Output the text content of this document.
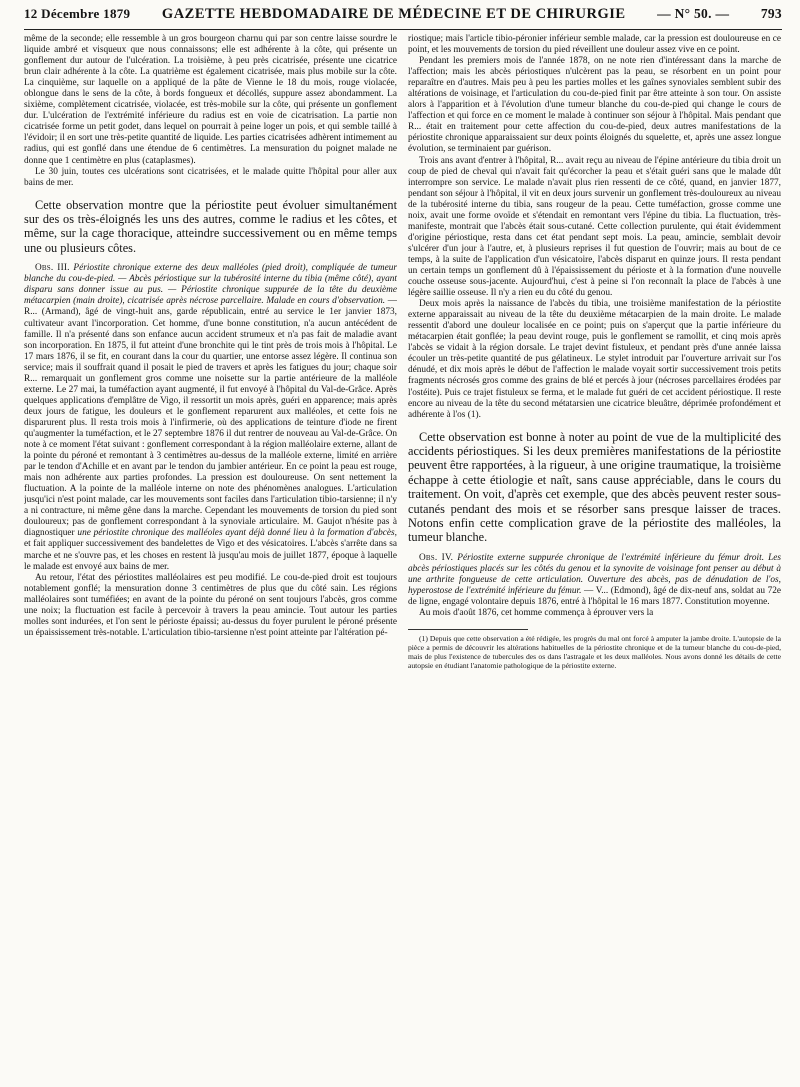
12 Décembre 1879 GAZETTE HEBDOMADAIRE DE MÉDECINE ET DE CHIRURGIE — N° 50. — 793

même de la seconde; elle ressemble à un gros bourgeon charnu qui par son centre laisse sourdre le liquide ambré et visqueux que nous connaissons; elle est adhérente à la côte, qui présente un gonflement dur autour de l'ulcération. La troisième, à peu près cicatrisée, présente une cicatrice brun clair adhérente à la côte. La quatrième est également cicatrisée, mais plus mobile sur la côte. La cinquième, sur laquelle on a appliqué de la pâte de Vienne le 18 du mois, rouge violacée, oblongue dans le sens de la côte, à bords fongueux et décollés, suppure assez abondamment. La sixième, complètement cicatrisée, violacée, est très-mobile sur la côte, qui présente un gonflement dur. L'ulcération de l'extrémité inférieure du radius est en voie de cicatrisation. La partie non cicatrisée forme un petit godet, dans lequel on pourrait à peine loger un pois, et qui semble taillé à l'évidoir; il en sort une très-petite quantité de liquide. Les parties cicatrisées adhèrent intimement au radius, qui est gonflé dans une étendue de 6 centimètres. La mensuration du poignet malade ne donne que 1 centimètre en plus (cataplasmes).

Le 30 juin, toutes ces ulcérations sont cicatrisées, et le malade quitte l'hôpital pour aller aux bains de mer.

Cette observation montre que la périostite peut évoluer simultanément sur des os très-éloignés les uns des autres, comme le radius et les côtes, et même, sur la cage thoracique, atteindre successivement ou en même temps une ou plusieurs côtes.

Obs. III. Périostite chronique externe des deux malléoles (pied droit), compliquée de tumeur blanche du cou-de-pied. — Abcès périostique sur la tubérosité interne du tibia (même côté), ayant disparu sans donner issue au pus. — Périostite chronique suppurée de la tête du deuxième métacarpien (main droite), cicatrisée après nécrose parcellaire. Malade en cours d'observation. — R... (Armand), âgé de vingt-huit ans, garde républicain, entré au service le 1er janvier 1873, cultivateur avant l'incorporation. Cet homme, d'une bonne constitution, n'a aucun antécédent de famille. Il n'a présenté dans son enfance aucun accident strumeux et n'a pas fait de maladie avant son incorporation. En 1875, il fut atteint d'une bronchite qui le tint près de trois mois à l'hôpital. Le 17 mars 1876, il se fit, en courant dans la cour du quartier, une entorse assez légère. Il continua son service; mais il souffrait quand il posait le pied de travers et après les fatigues du jour; chaque soir R... remarquait un gonflement gros comme une noisette sur la partie antérieure de la malléole externe. Le 27 mai, la tuméfaction ayant augmenté, il fut envoyé à l'hôpital du Val-de-Grâce. Après quelques applications d'emplâtre de Vigo, il ressortit un mois après, guéri en apparence; mais après deux jours de fatigue, les douleurs et le gonflement reparurent aux malléoles, et cette fois ne disparurent plus. Il resta trois mois à l'infirmerie, où des applications de teinture d'iode ne firent qu'augmenter la tuméfaction, et le 27 septembre 1876 il dut rentrer de nouveau au Val-de-Grâce. On note à ce moment l'état suivant : gonflement correspondant à la région malléolaire externe, allant de la pointe du péroné et remontant à 3 centimètres au-dessus de la malléole externe, limité en arrière par le tendon d'Achille et en avant par le tendon du jambier antérieur. En ce point la peau est rouge, mais non adhérente aux parties profondes. La pression est douloureuse. On sent nettement la fluctuation. A la pointe de la malléole interne on note des phénomènes analogues. L'articulation jusqu'ici n'est point malade, car les mouvements sont faciles dans l'articulation tibio-tarsienne; il n'y a ni contracture, ni même gêne dans la marche. Cependant les mouvements de torsion du pied sont douloureux; pas de gonflement correspondant à la synoviale articulaire. M. Gaujot n'hésite pas à diagnostiquer une périostite chronique des malléoles ayant déjà donné lieu à la formation d'abcès, et fait appliquer successivement des bandelettes de Vigo et des vésicatoires. L'abcès s'arrête dans sa marche et ne s'ouvre pas, et les choses en restent là jusqu'au mois de juillet 1877, époque à laquelle le malade est envoyé aux bains de mer.

Au retour, l'état des périostites malléolaires est peu modifié. Le cou-de-pied droit est toujours notablement gonflé; la mensuration donne 3 centimètres de plus que du côté sain. Les régions malléolaires sont tuméfiées; en avant de la pointe du péroné on sent toujours l'abcès, gros comme une noix; la fluctuation est facile à percevoir à travers la peau amincie. Tout autour les parties molles sont indurées, et l'on sent le périoste épaissi; au-dessus du foyer purulent le péroné présente un épaississement très-notable. L'articulation tibio-tarsienne n'est point atteinte par l'altération pé-

riostique; mais l'article tibio-péronier inférieur semble malade, car la pression est douloureuse en ce point, et les mouvements de torsion du pied réveillent une douleur assez vive en ce point.

Pendant les premiers mois de l'année 1878, on ne note rien d'intéressant dans la marche de l'affection; mais les abcès périostiques n'ulcèrent pas la peau, se résorbent en un point pour reparaître en d'autres. Mais peu à peu les parties molles et les gaînes synoviales semblent subir des altérations de voisinage, et l'articulation du cou-de-pied finit par être atteinte à son tour. On assiste alors à l'apparition et à l'évolution d'une tumeur blanche du cou-de-pied qui change le cours de l'affection et qui force en ce moment le malade à continuer son séjour à l'hôpital. Mais pendant que R... était en traitement pour cette affection du cou-de-pied, deux autres manifestations de la périostite chronique apparaissaient sur deux points éloignés du squelette, et, après une assez longue évolution, se terminaient par guérison.

Trois ans avant d'entrer à l'hôpital, R... avait reçu au niveau de l'épine antérieure du tibia droit un coup de pied de cheval qui n'avait fait qu'écorcher la peau et s'était guéri sans que le malade dût interrompre son service. Le malade n'avait plus rien ressenti de ce côté, quand, en janvier 1877, pendant son séjour à l'hôpital, il vit en deux jours survenir un gonflement très-douloureux au niveau de la tubérosité interne du tibia, sans rougeur de la peau. Cette tuméfaction, grosse comme une noix, avait une forme ovoïde et s'étendait en remontant vers l'épine du tibia. La fluctuation, très-manifeste, montrait que l'abcès était sous-cutané. Cette collection purulente, qui était évidemment d'origine périostique, resta dans cet état pendant sept mois. La peau, amincie, semblait devoir s'ulcérer d'un jour à l'autre, et, à plusieurs reprises il fut question de l'ouvrir; mais au bout de ce temps, à la suite de l'application d'un vésicatoire, l'abcès disparut en quinze jours. Il resta pendant un certain temps un gonflement dû à l'épaississement du périoste et à la formation d'une nouvelle couche osseuse sous-jacente. Aujourd'hui, c'est à peine si l'on reconnaît la place de l'abcès à une légère saillie osseuse. Il n'y a rien eu du côté du genou.

Deux mois après la naissance de l'abcès du tibia, une troisième manifestation de la périostite externe apparaissait au niveau de la tête du deuxième métacarpien de la main droite. Le malade ressentit d'abord une douleur localisée en ce point; puis on s'aperçut que la partie inférieure du métacarpien était gonflée; la peau devint rouge, puis le gonflement se ramollit, et cinq mois après l'abcès se vidait à la région dorsale. Le trajet devint fistuleux, et pendant près d'une année laissa écouler un très-petite quantité de pus gélatineux. Le stylet introduit par l'ouverture arrivait sur l'os dénudé, et dix mois après le début de l'affection le malade voyait sortir successivement trois petits fragments nécrosés gros comme des grains de blé et percés à jour (nécroses parcellaires érodées par l'ostéite). Puis ce trajet fistuleux se ferma, et le malade fut guéri de cet accident périostique. Il reste encore au niveau de la tête du second métatarsien une cicatrice bleuâtre, déprimée profondément et adhérente à l'os (1).

Cette observation est bonne à noter au point de vue de la multiplicité des accidents périostiques. Si les deux premières manifestations de la périostite peuvent être rapportées, à la rigueur, à une origine traumatique, la troisième échappe à cette étiologie et naît, sans cause appréciable, dans le cours du traitement. On voit, d'après cet exemple, que des abcès peuvent rester sous-cutanés pendant des mois et se résorber sans presque laisser de traces. Notons enfin cette complication grave de la périostite des malléoles, la tumeur blanche.

Obs. IV. Périostite externe suppurée chronique de l'extrémité inférieure du fémur droit. Les abcès périostiques placés sur les côtés du genou et la synovite de voisinage font penser au début à une arthrite fongueuse de cette articulation. Ouverture des abcès, pas de dénudation de l'os, hyperostose de l'extrémité inférieure du fémur. — V... (Edmond), âgé de dix-neuf ans, soldat au 72e de ligne, engagé volontaire depuis 1876, entré à l'hôpital le 16 mars 1877. Constitution moyenne.

Au mois d'août 1876, cet homme commença à éprouver vers la

(1) Depuis que cette observation a été rédigée, les progrès du mal ont forcé à amputer la jambe droite. L'autopsie de la pièce a permis de découvrir les altérations habituelles de la périostite chronique et de la tumeur blanche du cou-de-pied, mais de plus l'existence de tubercules des os dans l'astragale et les deux malléoles. Nous avons donné les détails de cette autopsie en étudiant l'anatomie pathologique de la périostite externe.
